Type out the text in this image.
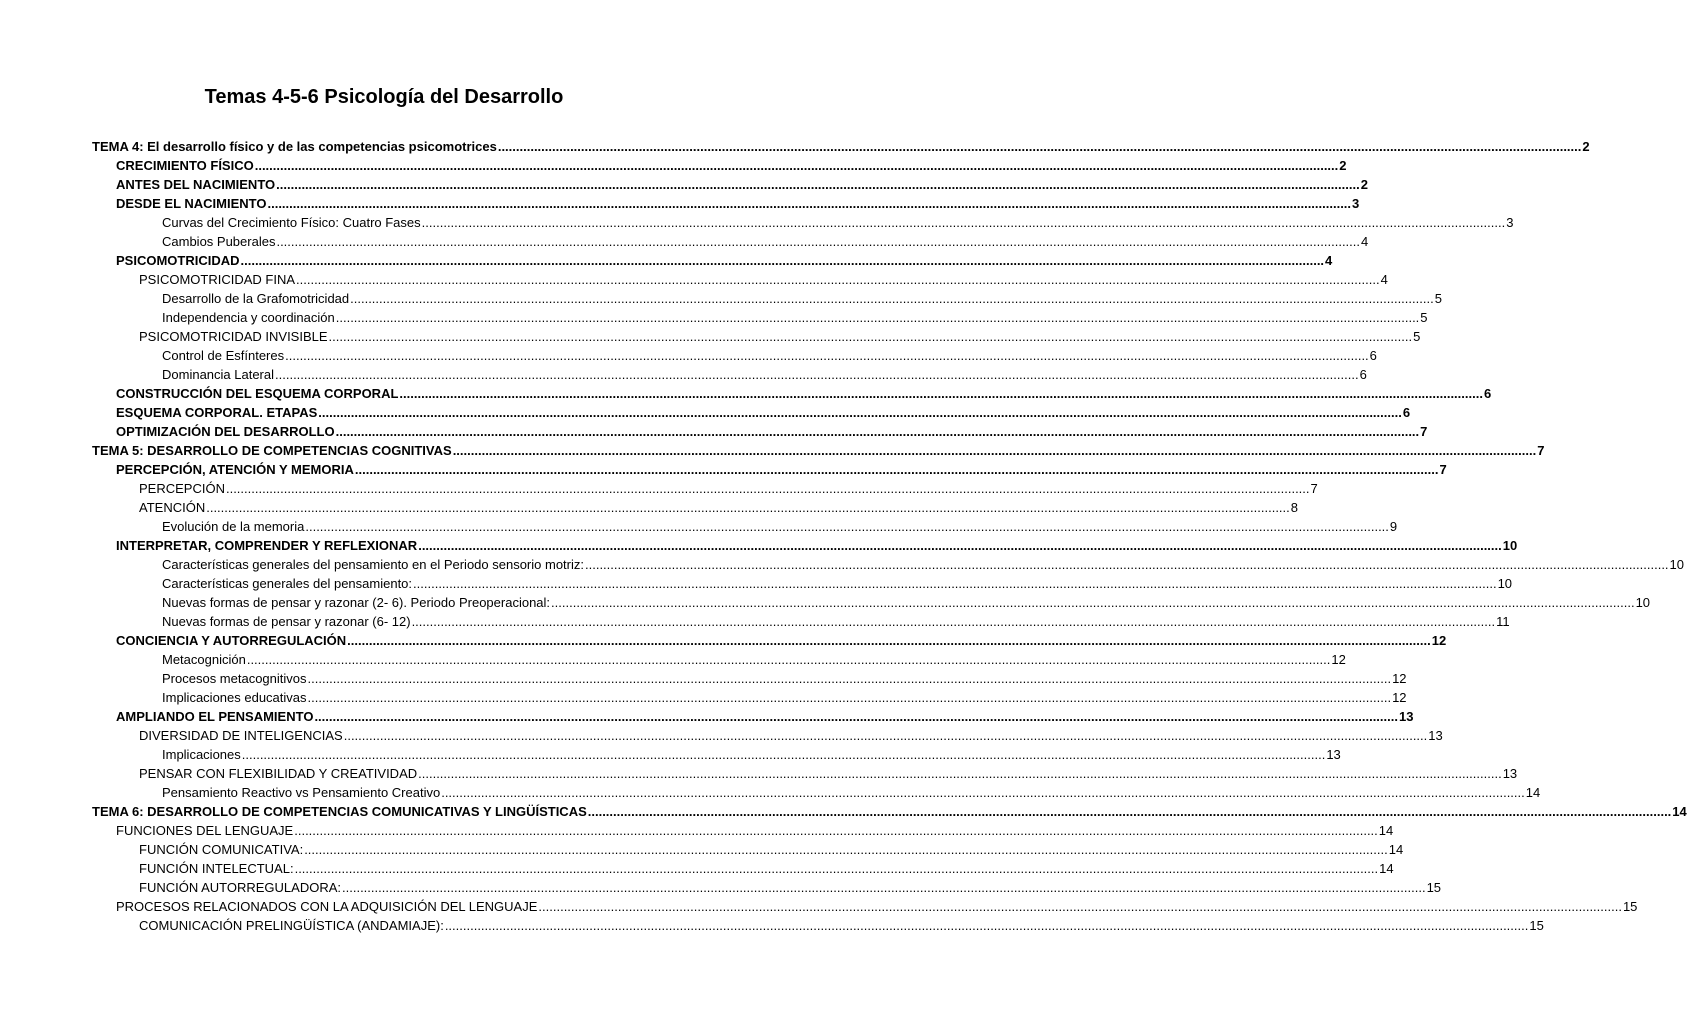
Temas 4-5-6 Psicología del Desarrollo
TEMA 4: El desarrollo físico y de las competencias psicomotrices ............................................................................................................................................................................................................................................................................................................ 2
CRECIMIENTO FÍSICO ............................................................................................................................................................................................................................................................................................................ 2
ANTES DEL NACIMIENTO ............................................................................................................................................................................................................................................................................................................ 2
DESDE EL NACIMIENTO ............................................................................................................................................................................................................................................................................................................ 3
Curvas del Crecimiento Físico: Cuatro Fases ............................................................................................................................................................................................................................................................................................................ 3
Cambios Puberales ............................................................................................................................................................................................................................................................................................................ 4
PSICOMOTRICIDAD ............................................................................................................................................................................................................................................................................................................ 4
PSICOMOTRICIDAD FINA ............................................................................................................................................................................................................................................................................................................ 4
Desarrollo de la Grafomotricidad ............................................................................................................................................................................................................................................................................................................ 5
Independencia y coordinación ............................................................................................................................................................................................................................................................................................................ 5
PSICOMOTRICIDAD INVISIBLE ............................................................................................................................................................................................................................................................................................................ 5
Control de Esfínteres ............................................................................................................................................................................................................................................................................................................ 6
Dominancia Lateral ............................................................................................................................................................................................................................................................................................................ 6
CONSTRUCCIÓN DEL ESQUEMA CORPORAL ............................................................................................................................................................................................................................................................................................................ 6
ESQUEMA CORPORAL. ETAPAS ............................................................................................................................................................................................................................................................................................................ 6
OPTIMIZACIÓN DEL DESARROLLO ............................................................................................................................................................................................................................................................................................................ 7
TEMA 5: DESARROLLO DE COMPETENCIAS COGNITIVAS ............................................................................................................................................................................................................................................................................................................ 7
PERCEPCIÓN, ATENCIÓN Y MEMORIA ............................................................................................................................................................................................................................................................................................................ 7
PERCEPCIÓN ............................................................................................................................................................................................................................................................................................................ 7
ATENCIÓN ............................................................................................................................................................................................................................................................................................................ 8
Evolución de la memoria ............................................................................................................................................................................................................................................................................................................ 9
INTERPRETAR, COMPRENDER Y REFLEXIONAR ............................................................................................................................................................................................................................................................................................................ 10
Características generales del pensamiento en el Periodo sensorio motriz: ............................................................................................................................................................................................................................................................................................................ 10
Características generales del pensamiento: ............................................................................................................................................................................................................................................................................................................ 10
Nuevas formas de pensar y razonar (2- 6). Periodo Preoperacional: ............................................................................................................................................................................................................................................................................................................ 10
Nuevas formas de pensar y razonar (6- 12) ............................................................................................................................................................................................................................................................................................................ 11
CONCIENCIA Y AUTORREGULACIÓN ............................................................................................................................................................................................................................................................................................................ 12
Metacognición ............................................................................................................................................................................................................................................................................................................ 12
Procesos metacognitivos ............................................................................................................................................................................................................................................................................................................ 12
Implicaciones educativas ............................................................................................................................................................................................................................................................................................................ 12
AMPLIANDO EL PENSAMIENTO ............................................................................................................................................................................................................................................................................................................ 13
DIVERSIDAD DE INTELIGENCIAS ............................................................................................................................................................................................................................................................................................................ 13
Implicaciones ............................................................................................................................................................................................................................................................................................................ 13
PENSAR CON FLEXIBILIDAD Y CREATIVIDAD ............................................................................................................................................................................................................................................................................................................ 13
Pensamiento Reactivo vs Pensamiento Creativo ............................................................................................................................................................................................................................................................................................................ 14
TEMA 6: DESARROLLO DE COMPETENCIAS COMUNICATIVAS Y LINGÜÍSTICAS ............................................................................................................................................................................................................................................................................................................ 14
FUNCIONES DEL LENGUAJE ............................................................................................................................................................................................................................................................................................................ 14
FUNCIÓN COMUNICATIVA: ............................................................................................................................................................................................................................................................................................................ 14
FUNCIÓN INTELECTUAL: ............................................................................................................................................................................................................................................................................................................ 14
FUNCIÓN AUTORREGULADORA: ............................................................................................................................................................................................................................................................................................................ 15
PROCESOS RELACIONADOS CON LA ADQUISICIÓN DEL LENGUAJE ............................................................................................................................................................................................................................................................................................................ 15
COMUNICACIÓN PRELINGÜÍSTICA (ANDAMIAJE): ............................................................................................................................................................................................................................................................................................................ 15
